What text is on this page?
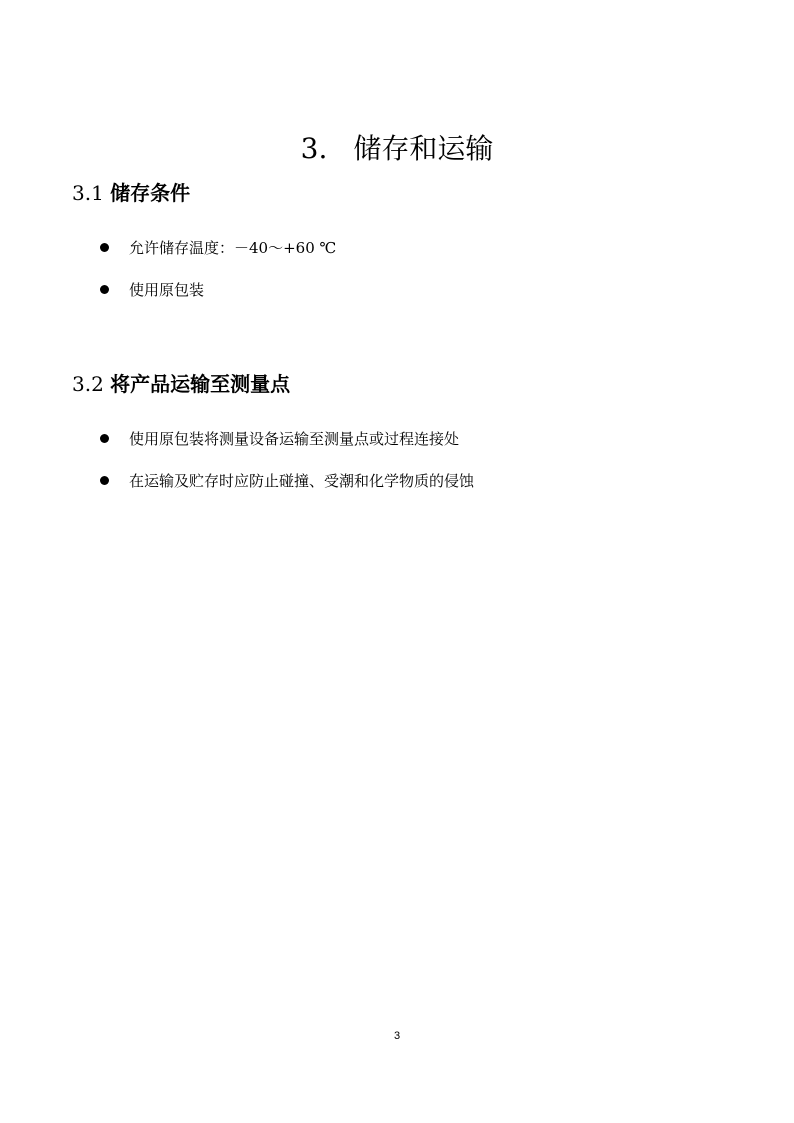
3. 储存和运输
3.1 储存条件
允许储存温度：－40～+60 ℃
使用原包装
3.2 将产品运输至测量点
使用原包装将测量设备运输至测量点或过程连接处
在运输及贮存时应防止碰撞、受潮和化学物质的侵蚀
3
